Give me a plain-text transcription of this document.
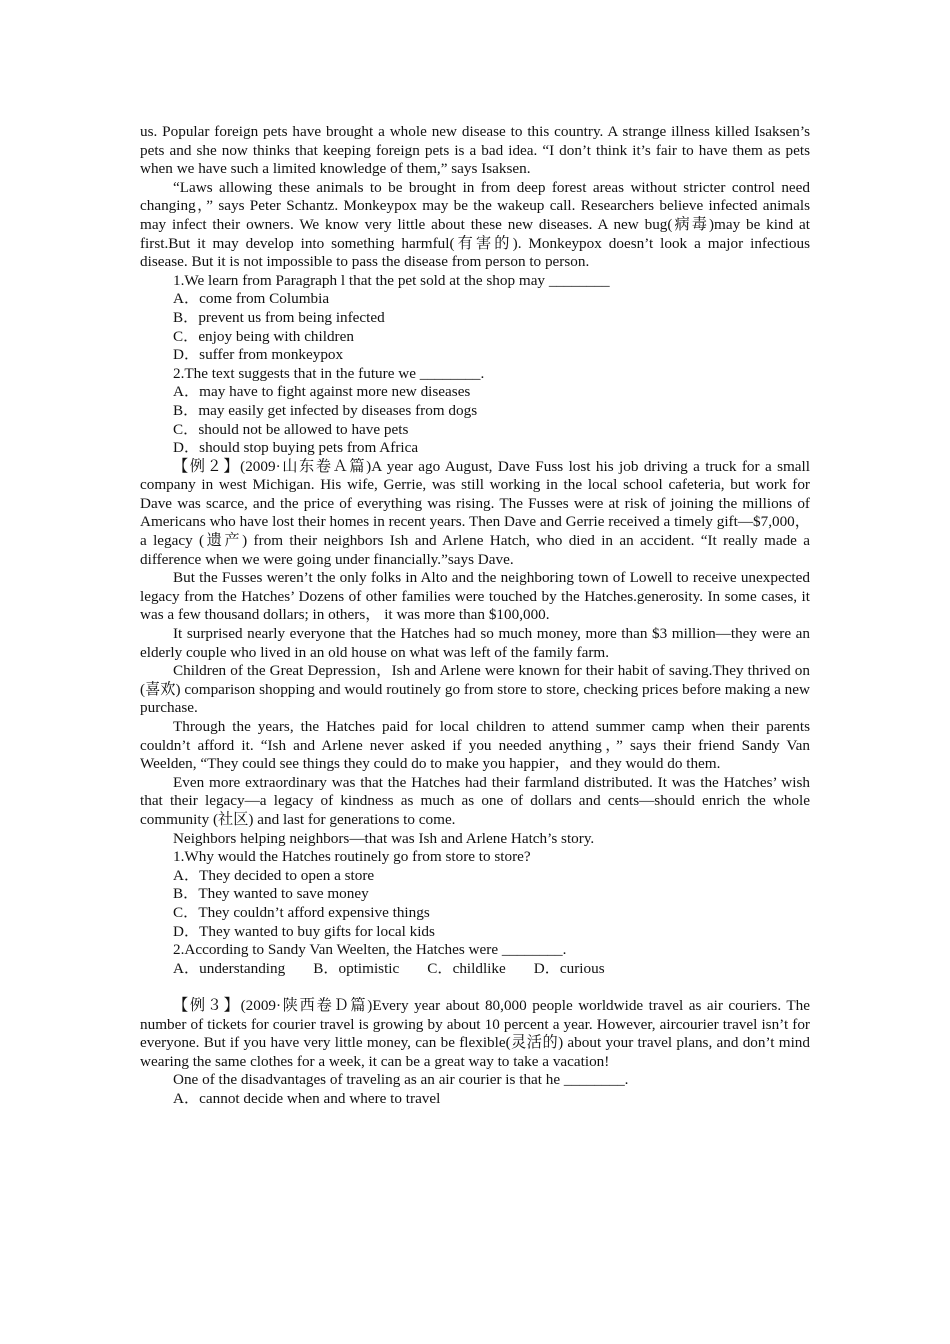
us. Popular foreign pets have brought a whole new disease to this country. A strange illness killed Isaksen’s pets and she now thinks that keeping foreign pets is a bad idea. “I don’t think it’s fair to have them as pets when we have such a limited knowledge of them,” says Isaksen.

“Laws allowing these animals to be brought in from deep forest areas without stricter control need changing，” says Peter Schantz. Monkeypox may be the wakeup call. Researchers believe infected animals may infect their owners. We know very little about these new diseases. A new bug(病毒)may be kind at first.But it may develop into something harmful(有害的). Monkeypox doesn’t look a major infectious disease. But it is not impossible to pass the disease from person to person.

1.We learn from Paragraph l that the pet sold at the shop may ________

A．come from Columbia

B．prevent us from being infected

C．enjoy being with children

D．suffer from monkeypox

2.The text suggests that in the future we ________.

A．may have to fight against more new diseases

B．may easily get infected by diseases from dogs

C．should not be allowed to have pets

D．should stop buying pets from Africa

【例２】(2009·山东卷Ａ篇)A year ago August, Dave Fuss lost his job driving a truck for a small company in west Michigan. His wife, Gerrie, was still working in the local school cafeteria, but work for Dave was scarce, and the price of everything was rising. The Fusses were at risk of joining the millions of Americans who have lost their homes in recent years. Then Dave and Gerrie received a timely gift—$7,000，a legacy (遗产) from their neighbors Ish and Arlene Hatch, who died in an accident. “It really made a difference when we were going under financially.”says Dave.

But the Fusses weren’t the only folks in Alto and the neighboring town of Lowell to receive unexpected legacy from the Hatches’ Dozens of other families were touched by the Hatches.generosity. In some cases, it was a few thousand dollars; in others， it was more than $100,000.

It surprised nearly everyone that the Hatches had so much money, more than $3 million—they were an elderly couple who lived in an old house on what was left of the family farm.

Children of the Great Depression，Ish and Arlene were known for their habit of saving.They thrived on (喜欢) comparison shopping and would routinely go from store to store, checking prices before making a new purchase.

Through the years, the Hatches paid for local children to attend summer camp when their parents couldn’t afford it. “Ish and Arlene never asked if you needed anything，” says their friend Sandy Van Weelden, “They could see things they could do to make you happier，and they would do them.

Even more extraordinary was that the Hatches had their farmland distributed. It was the Hatches’ wish that their legacy—a legacy of kindness as much as one of dollars and cents—should enrich the whole community (社区) and last for generations to come.

Neighbors helping neighbors—that was Ish and Arlene Hatch’s story.

1.Why would the Hatches routinely go from store to store?

A．They decided to open a store

B．They wanted to save money

C．They couldn’t afford expensive things

D．They wanted to buy gifts for local kids

2.According to Sandy Van Weelten, the Hatches were ________.

A．understanding B．optimistic C．childlike D．curious

【例３】(2009·陕西卷Ｄ篇)Every year about 80,000 people worldwide travel as air couriers. The number of tickets for courier travel is growing by about 10 percent a year. However, aircourier travel isn’t for everyone. But if you have very little money, can be flexible(灵活的) about your travel plans, and don’t mind wearing the same clothes for a week, it can be a great way to take a vacation!

One of the disadvantages of traveling as an air courier is that he ________.

A．cannot decide when and where to travel
